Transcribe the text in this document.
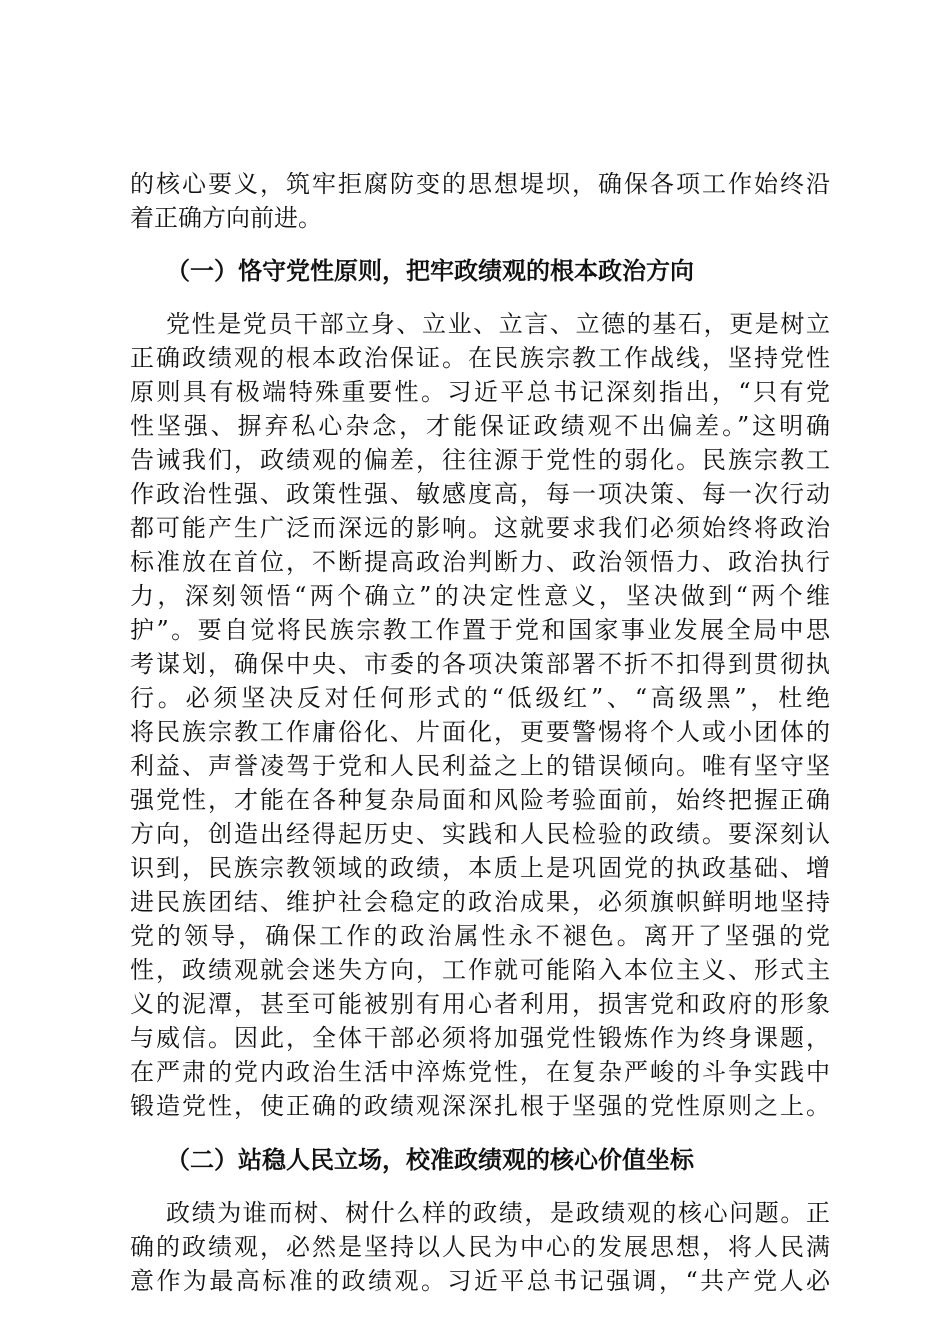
的核心要义，筑牢拒腐防变的思想堤坝，确保各项工作始终沿
着正确方向前进。
（一）恪守党性原则，把牢政绩观的根本政治方向
党性是党员干部立身、立业、立言、立德的基石，更是树立
正确政绩观的根本政治保证。在民族宗教工作战线，坚持党性
原则具有极端特殊重要性。习近平总书记深刻指出，“只有党
性坚强、摒弃私心杂念，才能保证政绩观不出偏差。”这明确
告诫我们，政绩观的偏差，往往源于党性的弱化。民族宗教工
作政治性强、政策性强、敏感度高，每一项决策、每一次行动
都可能产生广泛而深远的影响。这就要求我们必须始终将政治
标准放在首位，不断提高政治判断力、政治领悟力、政治执行
力，深刻领悟“两个确立”的决定性意义，坚决做到“两个维
护”。要自觉将民族宗教工作置于党和国家事业发展全局中思
考谋划，确保中央、市委的各项决策部署不折不扣得到贯彻执
行。必须坚决反对任何形式的“低级红”、“高级黑”，杜绝
将民族宗教工作庸俗化、片面化，更要警惕将个人或小团体的
利益、声誉凌驾于党和人民利益之上的错误倾向。唯有坚守坚
强党性，才能在各种复杂局面和风险考验面前，始终把握正确
方向，创造出经得起历史、实践和人民检验的政绩。要深刻认
识到，民族宗教领域的政绩，本质上是巩固党的执政基础、增
进民族团结、维护社会稳定的政治成果，必须旗帜鲜明地坚持
党的领导，确保工作的政治属性永不褪色。离开了坚强的党
性，政绩观就会迷失方向，工作就可能陷入本位主义、形式主
义的泥潭，甚至可能被别有用心者利用，损害党和政府的形象
与威信。因此，全体干部必须将加强党性锻炼作为终身课题，
在严肃的党内政治生活中淬炼党性，在复杂严峻的斗争实践中
锻造党性，使正确的政绩观深深扎根于坚强的党性原则之上。
（二）站稳人民立场，校准政绩观的核心价值坐标
政绩为谁而树、树什么样的政绩，是政绩观的核心问题。正
确的政绩观，必然是坚持以人民为中心的发展思想，将人民满
意作为最高标准的政绩观。习近平总书记强调，“共产党人必
